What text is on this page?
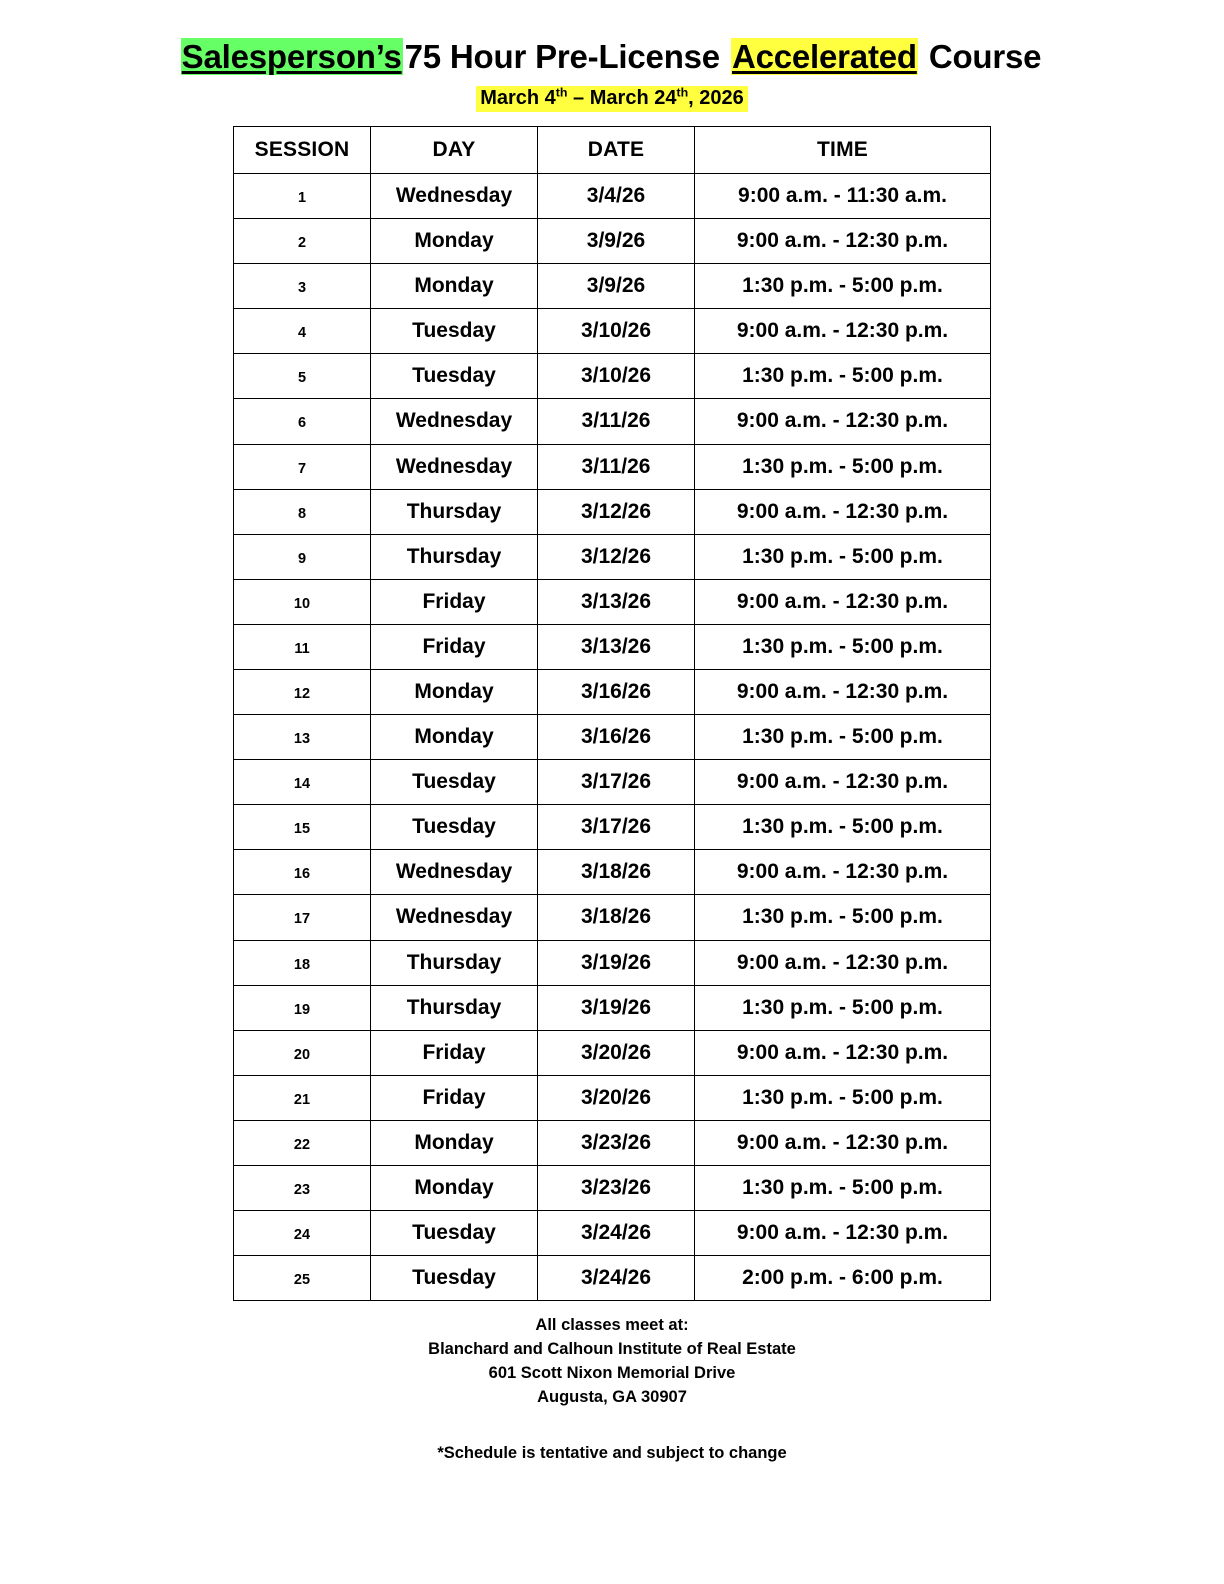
Salesperson’s75 Hour Pre-License Accelerated Course
March 4th – March 24th, 2026
SESSION	DAY	DATE	TIME
1	Wednesday	3/4/26	9:00 a.m. - 11:30 a.m.
2	Monday	3/9/26	9:00 a.m. - 12:30 p.m.
3	Monday	3/9/26	1:30 p.m. - 5:00 p.m.
4	Tuesday	3/10/26	9:00 a.m. - 12:30 p.m.
5	Tuesday	3/10/26	1:30 p.m. - 5:00 p.m.
6	Wednesday	3/11/26	9:00 a.m. - 12:30 p.m.
7	Wednesday	3/11/26	1:30 p.m. - 5:00 p.m.
8	Thursday	3/12/26	9:00 a.m. - 12:30 p.m.
9	Thursday	3/12/26	1:30 p.m. - 5:00 p.m.
10	Friday	3/13/26	9:00 a.m. - 12:30 p.m.
11	Friday	3/13/26	1:30 p.m. - 5:00 p.m.
12	Monday	3/16/26	9:00 a.m. - 12:30 p.m.
13	Monday	3/16/26	1:30 p.m. - 5:00 p.m.
14	Tuesday	3/17/26	9:00 a.m. - 12:30 p.m.
15	Tuesday	3/17/26	1:30 p.m. - 5:00 p.m.
16	Wednesday	3/18/26	9:00 a.m. - 12:30 p.m.
17	Wednesday	3/18/26	1:30 p.m. - 5:00 p.m.
18	Thursday	3/19/26	9:00 a.m. - 12:30 p.m.
19	Thursday	3/19/26	1:30 p.m. - 5:00 p.m.
20	Friday	3/20/26	9:00 a.m. - 12:30 p.m.
21	Friday	3/20/26	1:30 p.m. - 5:00 p.m.
22	Monday	3/23/26	9:00 a.m. - 12:30 p.m.
23	Monday	3/23/26	1:30 p.m. - 5:00 p.m.
24	Tuesday	3/24/26	9:00 a.m. - 12:30 p.m.
25	Tuesday	3/24/26	2:00 p.m. - 6:00 p.m.
All classes meet at:
Blanchard and Calhoun Institute of Real Estate
601 Scott Nixon Memorial Drive
Augusta, GA 30907
*Schedule is tentative and subject to change
